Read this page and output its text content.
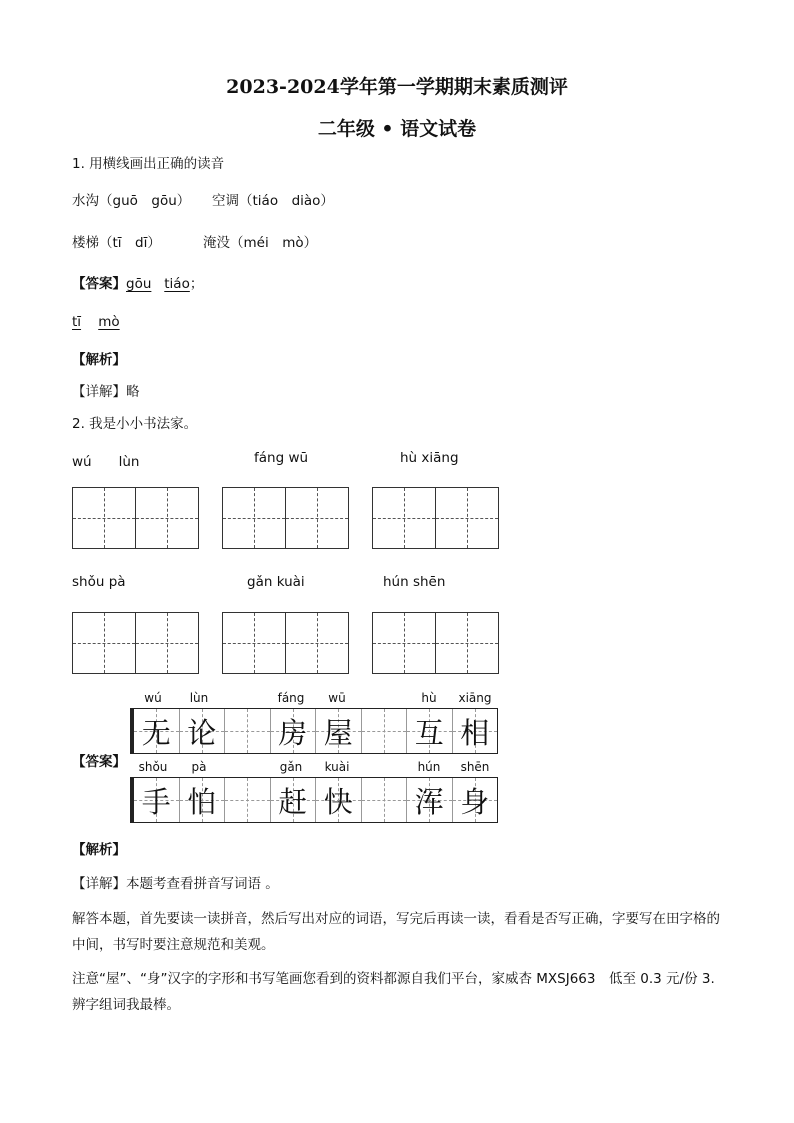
2023-2024学年第一学期期末素质测评
二年级 • 语文试卷
1. 用横线画出正确的读音
水沟（guō　gōu） 空调（tiáo　diào）
楼梯（tī　dī）	淹没（méi　mò）
【答案】gōu tiáo；
tī mò
【解析】
【详解】略
2. 我是小小书法家。
wú　　lùn	fáng wū	hù xiāng
shǒu pà	gǎn kuài	hún shēn
【答案】
wú	lùn	fáng	wū	hù	xiāng
无 论 房 屋 互 相
shǒu	pà	gǎn	kuài	hún	shēn
手 怕 赶 快 浑 身
【解析】
【详解】本题考查看拼音写词语 。
解答本题，首先要读一读拼音，然后写出对应的词语，写完后再读一读，看看是否写正确，字要写在田字格的中间，书写时要注意规范和美观。
注意“屋”、“身”汉字的字形和书写笔画您看到的资料都源自我们平台，家威杏 MXSJ663　低至 0.3 元/份 3. 辨字组词我最棒。
